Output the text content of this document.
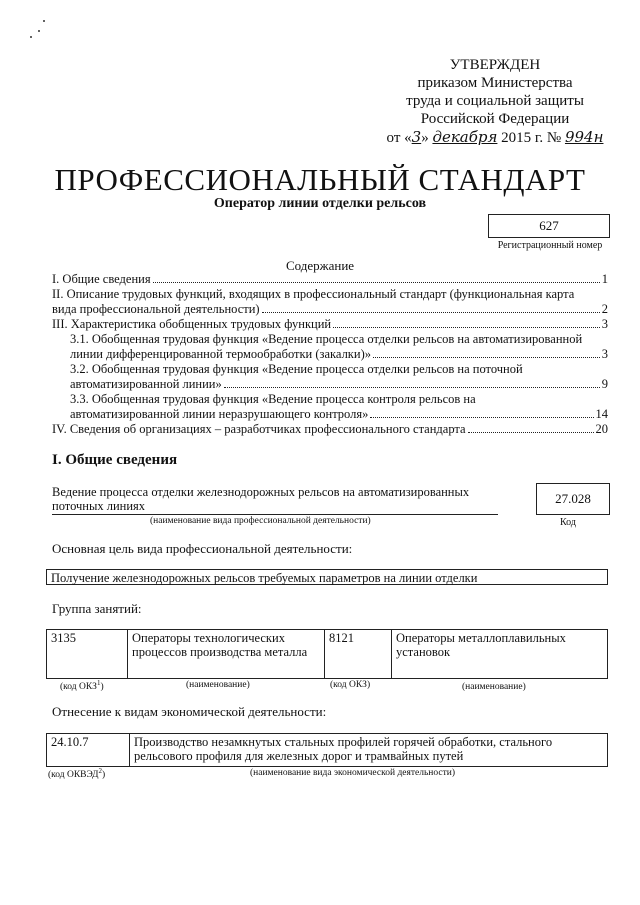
УТВЕРЖДЕН
приказом Министерства
труда и социальной защиты
Российской Федерации
от «3» декабря 2015 г. № 994н
ПРОФЕССИОНАЛЬНЫЙ СТАНДАРТ
Оператор линии отделки рельсов
627
Регистрационный номер
Содержание
I. Общие сведения	1
II. Описание трудовых функций, входящих в профессиональный стандарт (функциональная карта
вида профессиональной деятельности)	2
III. Характеристика обобщенных трудовых функций	3
3.1. Обобщенная трудовая функция «Ведение процесса отделки рельсов на автоматизированной
линии дифференцированной термообработки (закалки)»	3
3.2. Обобщенная трудовая функция «Ведение процесса отделки рельсов на поточной
автоматизированной линии»	9
3.3. Обобщенная трудовая функция «Ведение процесса контроля рельсов на
автоматизированной линии неразрушающего контроля»	14
IV. Сведения об организациях – разработчиках профессионального стандарта	20
I. Общие сведения
Ведение процесса отделки железнодорожных рельсов на автоматизированных поточных линиях
(наименование вида профессиональной деятельности)
27.028
Код
Основная цель вида профессиональной деятельности:
Получение железнодорожных рельсов требуемых параметров на линии отделки
Группа занятий:
3135	Операторы технологических процессов производства металла	8121	Операторы металлоплавильных установок
(код ОКЗ$^1$)	(наименование)	(код ОКЗ)	(наименование)
Отнесение к видам экономической деятельности:
24.10.7	Производство незамкнутых стальных профилей горячей обработки, стального рельсового профиля для железных дорог и трамвайных путей
(код ОКВЭД$^2$)	(наименование вида экономической деятельности)
